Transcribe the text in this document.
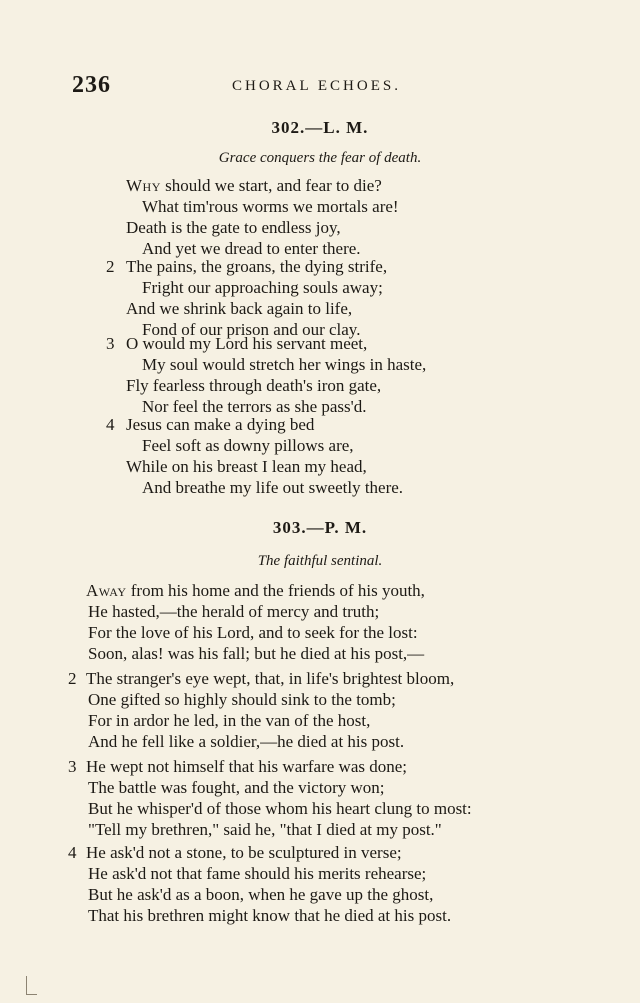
236	CHORAL ECHOES.
302.—L. M.
Grace conquers the fear of death.
Why should we start, and fear to die?
What tim'rous worms we mortals are!
Death is the gate to endless joy,
And yet we dread to enter there.
2 The pains, the groans, the dying strife,
Fright our approaching souls away;
And we shrink back again to life,
Fond of our prison and our clay.
3 O would my Lord his servant meet,
My soul would stretch her wings in haste,
Fly fearless through death's iron gate,
Nor feel the terrors as she pass'd.
4 Jesus can make a dying bed
Feel soft as downy pillows are,
While on his breast I lean my head,
And breathe my life out sweetly there.
303.—P. M.
The faithful sentinal.
Away from his home and the friends of his youth,
He hasted,—the herald of mercy and truth;
For the love of his Lord, and to seek for the lost:
Soon, alas! was his fall; but he died at his post,—
2 The stranger's eye wept, that, in life's brightest bloom,
One gifted so highly should sink to the tomb;
For in ardor he led, in the van of the host,
And he fell like a soldier,—he died at his post.
3 He wept not himself that his warfare was done;
The battle was fought, and the victory won;
But he whisper'd of those whom his heart clung to most:
"Tell my brethren," said he, "that I died at my post."
4 He ask'd not a stone, to be sculptured in verse;
He ask'd not that fame should his merits rehearse;
But he ask'd as a boon, when he gave up the ghost,
That his brethren might know that he died at his post.
